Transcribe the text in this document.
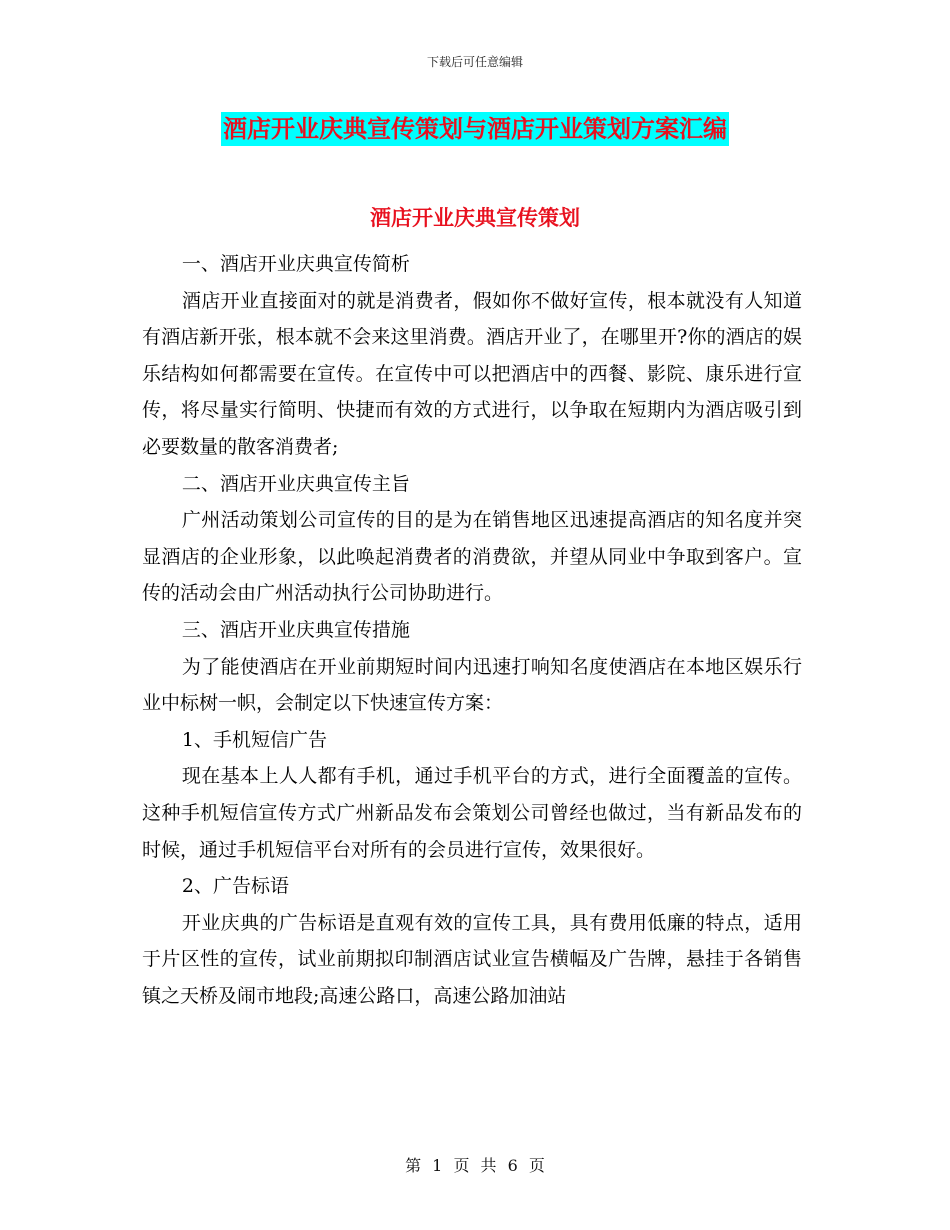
下载后可任意编辑
酒店开业庆典宣传策划与酒店开业策划方案汇编
酒店开业庆典宣传策划

一、酒店开业庆典宣传简析

酒店开业直接面对的就是消费者，假如你不做好宣传，根本就没有人知道有酒店新开张，根本就不会来这里消费。酒店开业了，在哪里开?你的酒店的娱乐结构如何都需要在宣传。在宣传中可以把酒店中的西餐、影院、康乐进行宣传，将尽量实行简明、快捷而有效的方式进行，以争取在短期内为酒店吸引到必要数量的散客消费者;

二、酒店开业庆典宣传主旨

广州活动策划公司宣传的目的是为在销售地区迅速提高酒店的知名度并突显酒店的企业形象，以此唤起消费者的消费欲，并望从同业中争取到客户。宣传的活动会由广州活动执行公司协助进行。

三、酒店开业庆典宣传措施

为了能使酒店在开业前期短时间内迅速打响知名度使酒店在本地区娱乐行业中标树一帜，会制定以下快速宣传方案：

1、手机短信广告

现在基本上人人都有手机，通过手机平台的方式，进行全面覆盖的宣传。这种手机短信宣传方式广州新品发布会策划公司曾经也做过，当有新品发布的时候，通过手机短信平台对所有的会员进行宣传，效果很好。

2、广告标语

开业庆典的广告标语是直观有效的宣传工具，具有费用低廉的特点，适用于片区性的宣传，试业前期拟印制酒店试业宣告横幅及广告牌，悬挂于各销售镇之天桥及闹市地段;高速公路口，高速公路加油站

第 1 页 共 6 页
